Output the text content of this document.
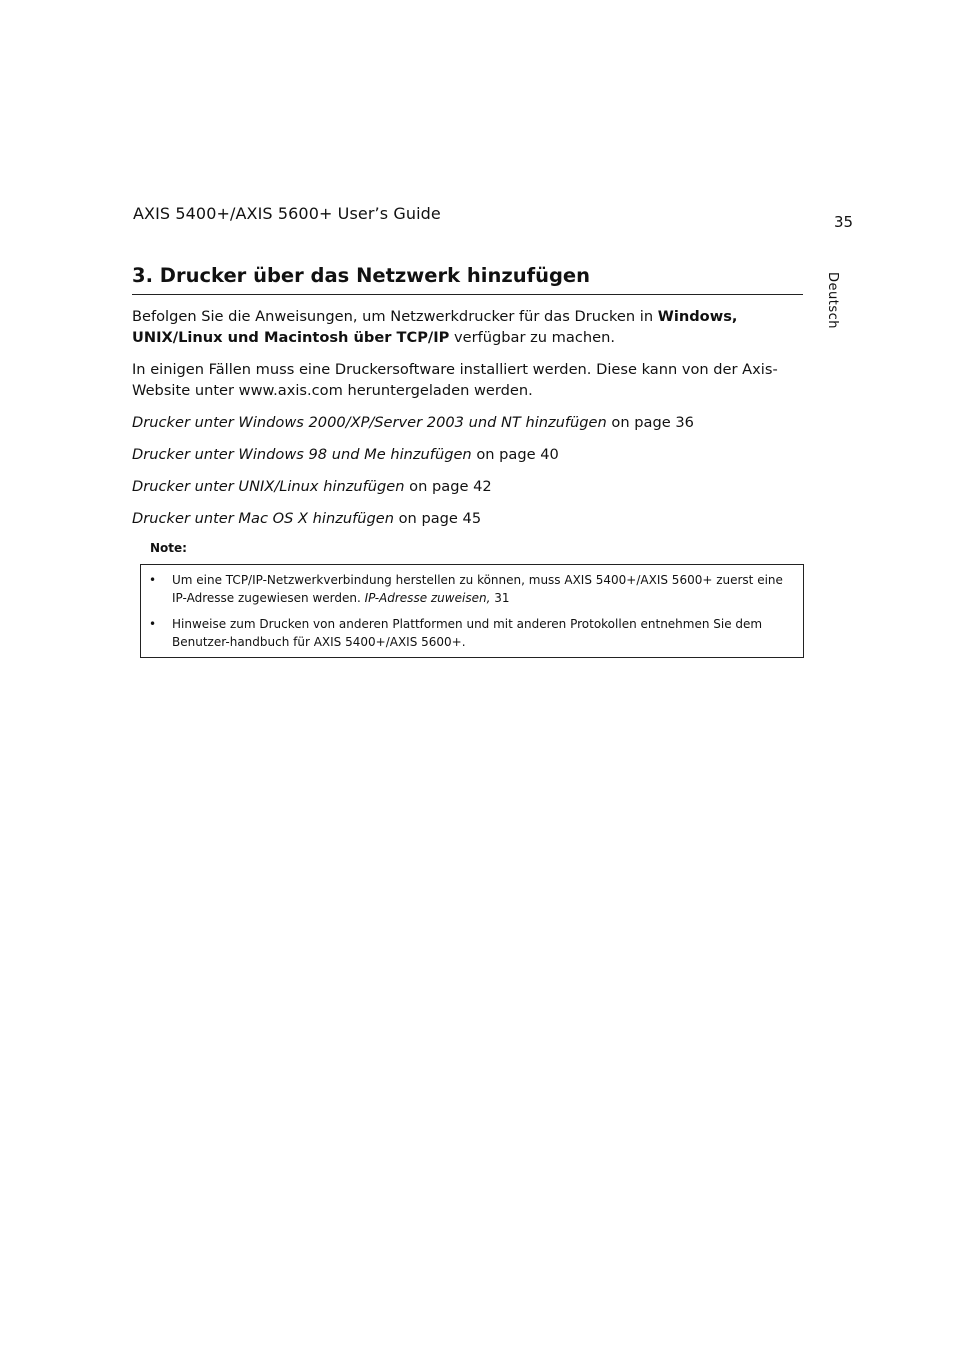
AXIS 5400+/AXIS 5600+ User’s Guide	35
Deutsch
3. Drucker über das Netzwerk hinzufügen

Befolgen Sie die Anweisungen, um Netzwerkdrucker für das Drucken in Windows, UNIX/Linux und Macintosh über TCP/IP verfügbar zu machen.

In einigen Fällen muss eine Druckersoftware installiert werden. Diese kann von der Axis-Website unter www.axis.com heruntergeladen werden.

Drucker unter Windows 2000/XP/Server 2003 und NT hinzufügen on page 36

Drucker unter Windows 98 und Me hinzufügen on page 40

Drucker unter UNIX/Linux hinzufügen on page 42

Drucker unter Mac OS X hinzufügen on page 45

Note:
• Um eine TCP/IP-Netzwerkverbindung herstellen zu können, muss AXIS 5400+/AXIS 5600+ zuerst eine IP-Adresse zugewiesen werden. IP-Adresse zuweisen, 31
• Hinweise zum Drucken von anderen Plattformen und mit anderen Protokollen entnehmen Sie dem Benutzer-handbuch für AXIS 5400+/AXIS 5600+.
